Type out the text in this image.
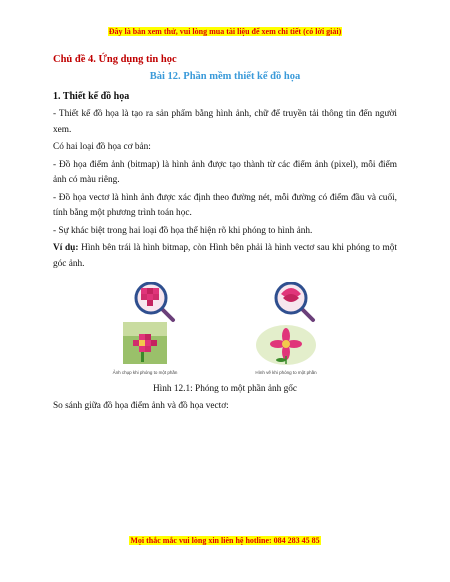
Đây là bản xem thử, vui lòng mua tài liệu để xem chi tiết (có lời giải)
Chủ đề 4. Ứng dụng tin học
Bài 12. Phần mềm thiết kế đồ họa
1. Thiết kế đồ họa

- Thiết kế đồ họa là tạo ra sản phẩm bằng hình ảnh, chữ để truyền tải thông tin đến người xem.

Có hai loại đồ họa cơ bản:

- Đồ họa điểm ảnh (bitmap) là hình ảnh được tạo thành từ các điểm ảnh (pixel), mỗi điểm ảnh có màu riêng.

- Đồ họa vectơ là hình ảnh được xác định theo đường nét, mỗi đường có điểm đầu và cuối, tính bằng một phương trình toán học.

- Sự khác biệt trong hai loại đồ họa thể hiện rõ khi phóng to hình ảnh.

Ví dụ: Hình bên trái là hình bitmap, còn Hình bên phải là hình vectơ sau khi phóng to một góc ảnh.

Ảnh chụp khi phóng to một phần	Hình vẽ khi phóng to một phần
Hình 12.1: Phóng to một phần ảnh gốc
So sánh giữa đồ họa điểm ảnh và đồ họa vectơ:
Mọi thắc mắc vui lòng xin liên hệ hotline: 084 283 45 85
